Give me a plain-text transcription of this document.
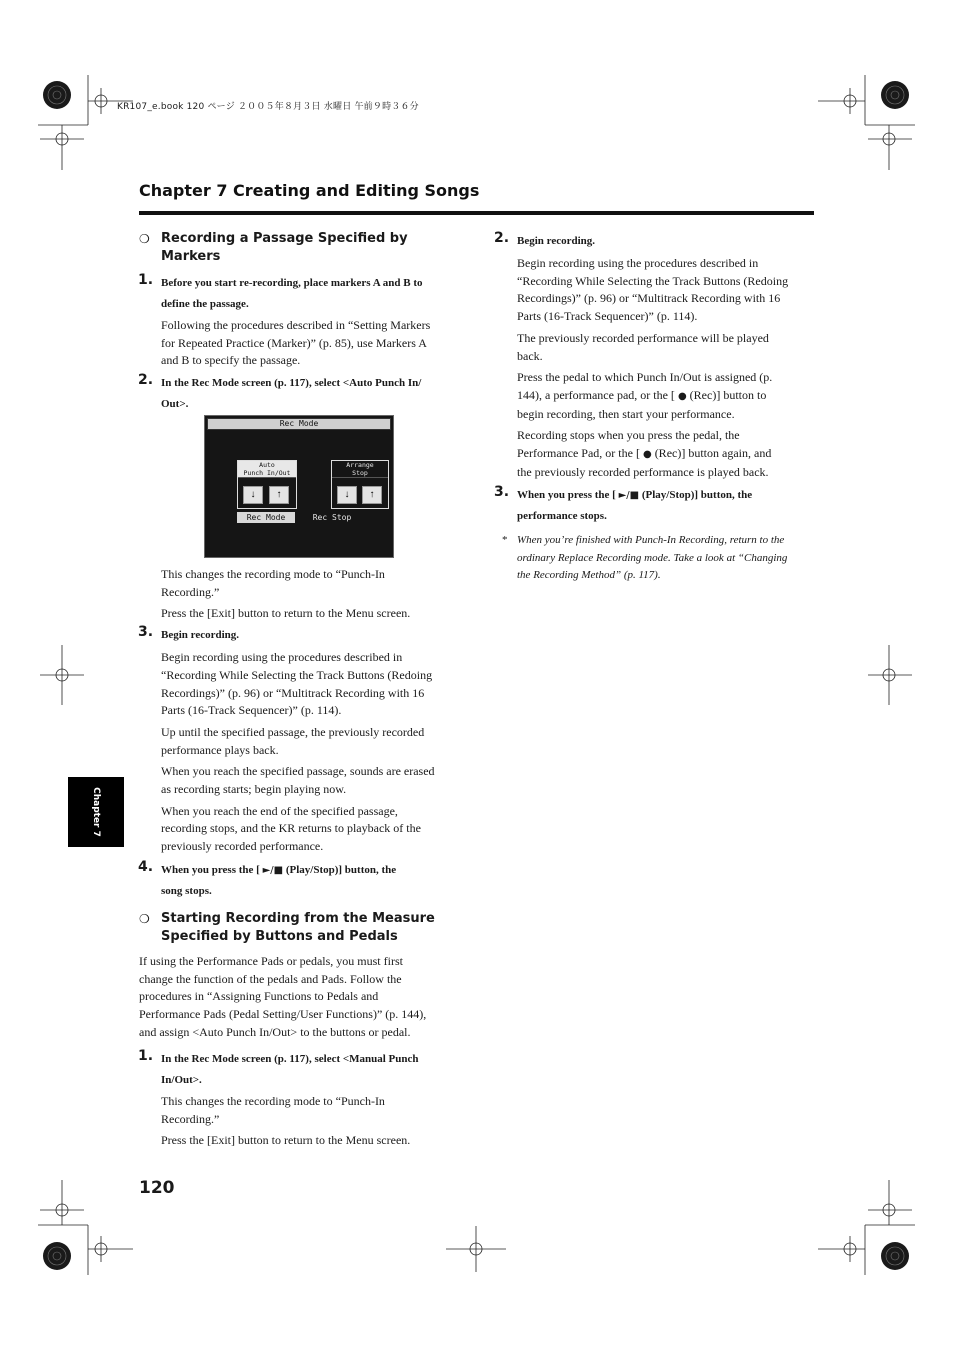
KR107_e.book 120 ページ ２００５年８月３日 水曜日 午前９時３６分
Chapter 7 Creating and Editing Songs
❍ Recording a Passage Specified by Markers
1. Before you start re-recording, place markers A and B to
define the passage.
Following the procedures described in “Setting Markers
for Repeated Practice (Marker)” (p. 85), use Markers A
and B to specify the passage.
2. In the Rec Mode screen (p. 117), select <Auto Punch In/
Out>.
Rec Mode
Auto
Punch In/Out
↓	↑
Arrange
Stop
↓	↑
Rec Mode	Rec Stop
This changes the recording mode to “Punch-In
Recording.”
Press the [Exit] button to return to the Menu screen.
3. Begin recording.
Begin recording using the procedures described in
“Recording While Selecting the Track Buttons (Redoing
Recordings)” (p. 96) or “Multitrack Recording with 16
Parts (16-Track Sequencer)” (p. 114).
Up until the specified passage, the previously recorded
performance plays back.
When you reach the specified passage, sounds are erased
as recording starts; begin playing now.
When you reach the end of the specified passage,
recording stops, and the KR returns to playback of the
previously recorded performance.
4. When you press the [ ►/■ (Play/Stop)] button, the
song stops.
❍ Starting Recording from the Measure
Specified by Buttons and Pedals
If using the Performance Pads or pedals, you must first
change the function of the pedals and Pads. Follow the
procedures in “Assigning Functions to Pedals and
Performance Pads (Pedal Setting/User Functions)” (p. 144),
and assign <Auto Punch In/Out> to the buttons or pedal.
1. In the Rec Mode screen (p. 117), select <Manual Punch
In/Out>.
This changes the recording mode to “Punch-In
Recording.”
Press the [Exit] button to return to the Menu screen.
2. Begin recording.
Begin recording using the procedures described in
“Recording While Selecting the Track Buttons (Redoing
Recordings)” (p. 96) or “Multitrack Recording with 16
Parts (16-Track Sequencer)” (p. 114).
The previously recorded performance will be played
back.
Press the pedal to which Punch In/Out is assigned (p.
144), a performance pad, or the [ ● (Rec)] button to
begin recording, then start your performance.
Recording stops when you press the pedal, the
Performance Pad, or the [ ● (Rec)] button again, and
the previously recorded performance is played back.
3. When you press the [ ►/■ (Play/Stop)] button, the
performance stops.
* When you’re finished with Punch-In Recording, return to the
ordinary Replace Recording mode. Take a look at “Changing
the Recording Method” (p. 117).
Chapter 7
120
